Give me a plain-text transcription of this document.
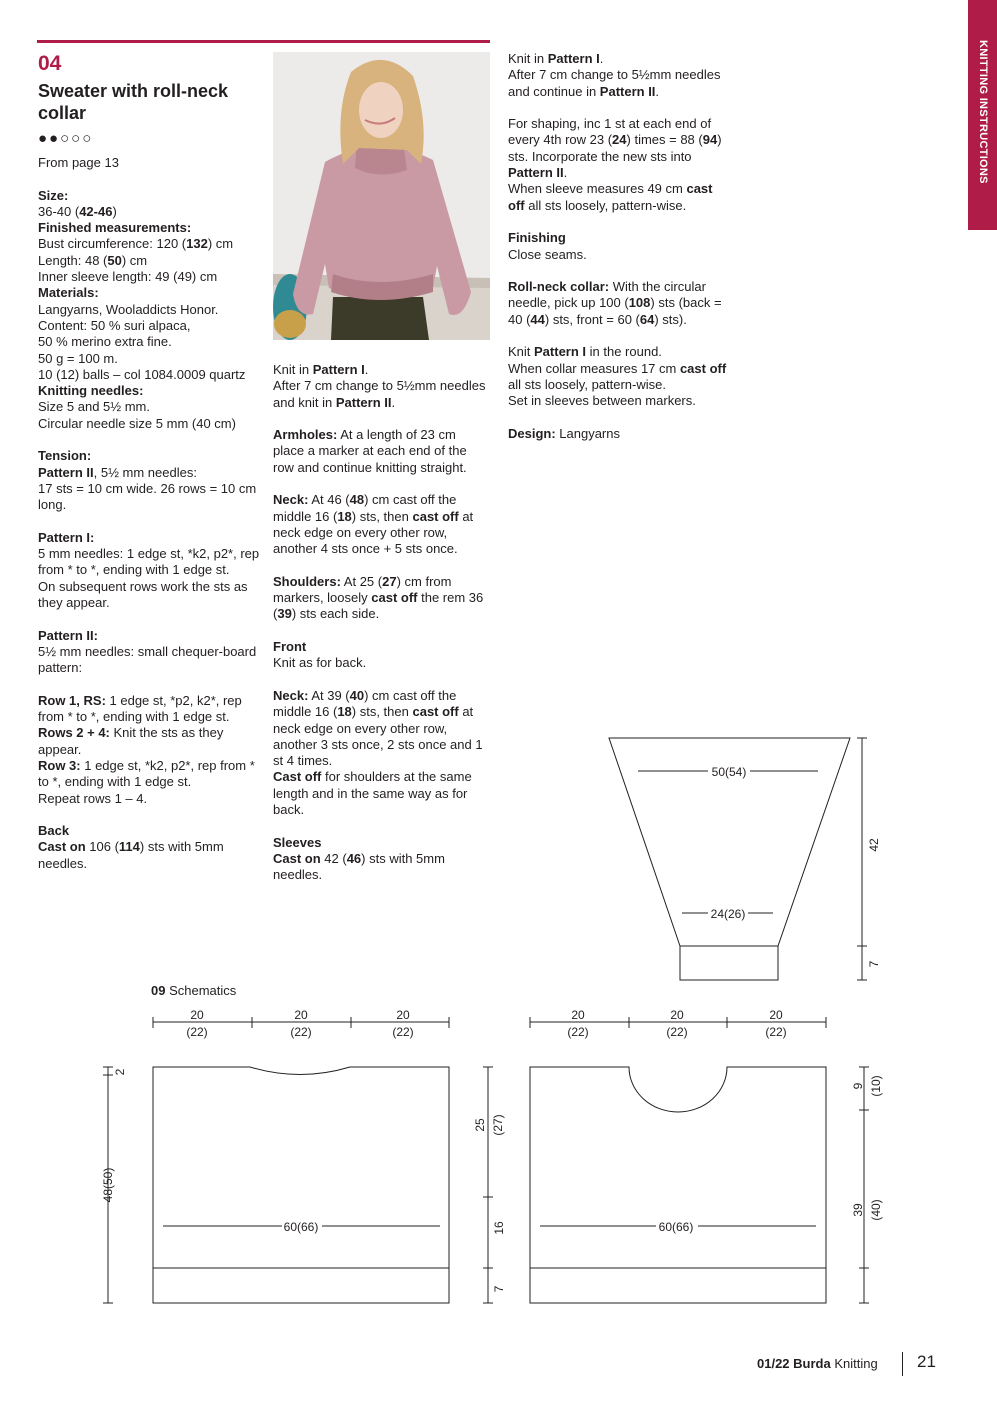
04
Sweater with roll-neck collar
●●○○○	KNITTING INSTRUCTIONS

From page 13

Size:

36-40 (42-46)

Finished measurements:

Bust circumference: 120 (132) cm

Length: 48 (50) cm

Inner sleeve length: 49 (49) cm

Materials:

Langyarns, Wooladdicts Honor.

Content: 50 % suri alpaca,

50 % merino extra fine.

50 g = 100 m.

10 (12) balls – col 1084.0009 quartz

Knitting needles:

Size 5 and 5½ mm.

Circular needle size 5 mm (40 cm)

Tension:

Pattern II, 5½ mm needles:

17 sts = 10 cm wide. 26 rows = 10 cm long.

Pattern I:

5 mm needles: 1 edge st, *k2, p2*, rep from * to *, ending with 1 edge st.

On subsequent rows work the sts as they appear.

Pattern II:

5½ mm needles: small chequer-board pattern:

Row 1, RS: 1 edge st, *p2, k2*, rep from * to *, ending with 1 edge st.

Rows 2 + 4: Knit the sts as they appear.

Row 3: 1 edge st, *k2, p2*, rep from * to *, ending with 1 edge st.

Repeat rows 1 – 4.

Back

Cast on 106 (114) sts with 5mm needles.

Knit in Pattern I.

After 7 cm change to 5½mm needles and knit in Pattern II.

Armholes: At a length of 23 cm place a marker at each end of the row and continue knitting straight.

Neck: At 46 (48) cm cast off the middle 16 (18) sts, then cast off at neck edge on every other row, another 4 sts once + 5 sts once.

Shoulders: At 25 (27) cm from markers, loosely cast off the rem 36 (39) sts each side.

Front

Knit as for back.

Neck: At 39 (40) cm cast off the middle 16 (18) sts, then cast off at neck edge on every other row, another 3 sts once, 2 sts once and 1 st 4 times.

Cast off for shoulders at the same length and in the same way as for back.

Sleeves

Cast on 42 (46) sts with 5mm needles.

Knit in Pattern I.

After 7 cm change to 5½mm needles and continue in Pattern II.

For shaping, inc 1 st at each end of every 4th row 23 (24) times = 88 (94) sts. Incorporate the new sts into Pattern II.

When sleeve measures 49 cm cast off all sts loosely, pattern-wise.

Finishing

Close seams.

Roll-neck collar: With the circular needle, pick up 100 (108) sts (back = 40 (44) sts, front = 60 (64) sts).

Knit Pattern I in the round.

When collar measures 17 cm cast off all sts loosely, pattern-wise.

Set in sleeves between markers.

Design: Langyarns

50(54)
24(26)
42
7
09 Schematics
20
(22)
20
(22)
20
(22)
2
48(50)
60(66)
25 (27)
16
7
20
(22)
20
(22)
20
(22)
60(66)
9 (10)
39 (40)
01/22 Burda Knitting 21
